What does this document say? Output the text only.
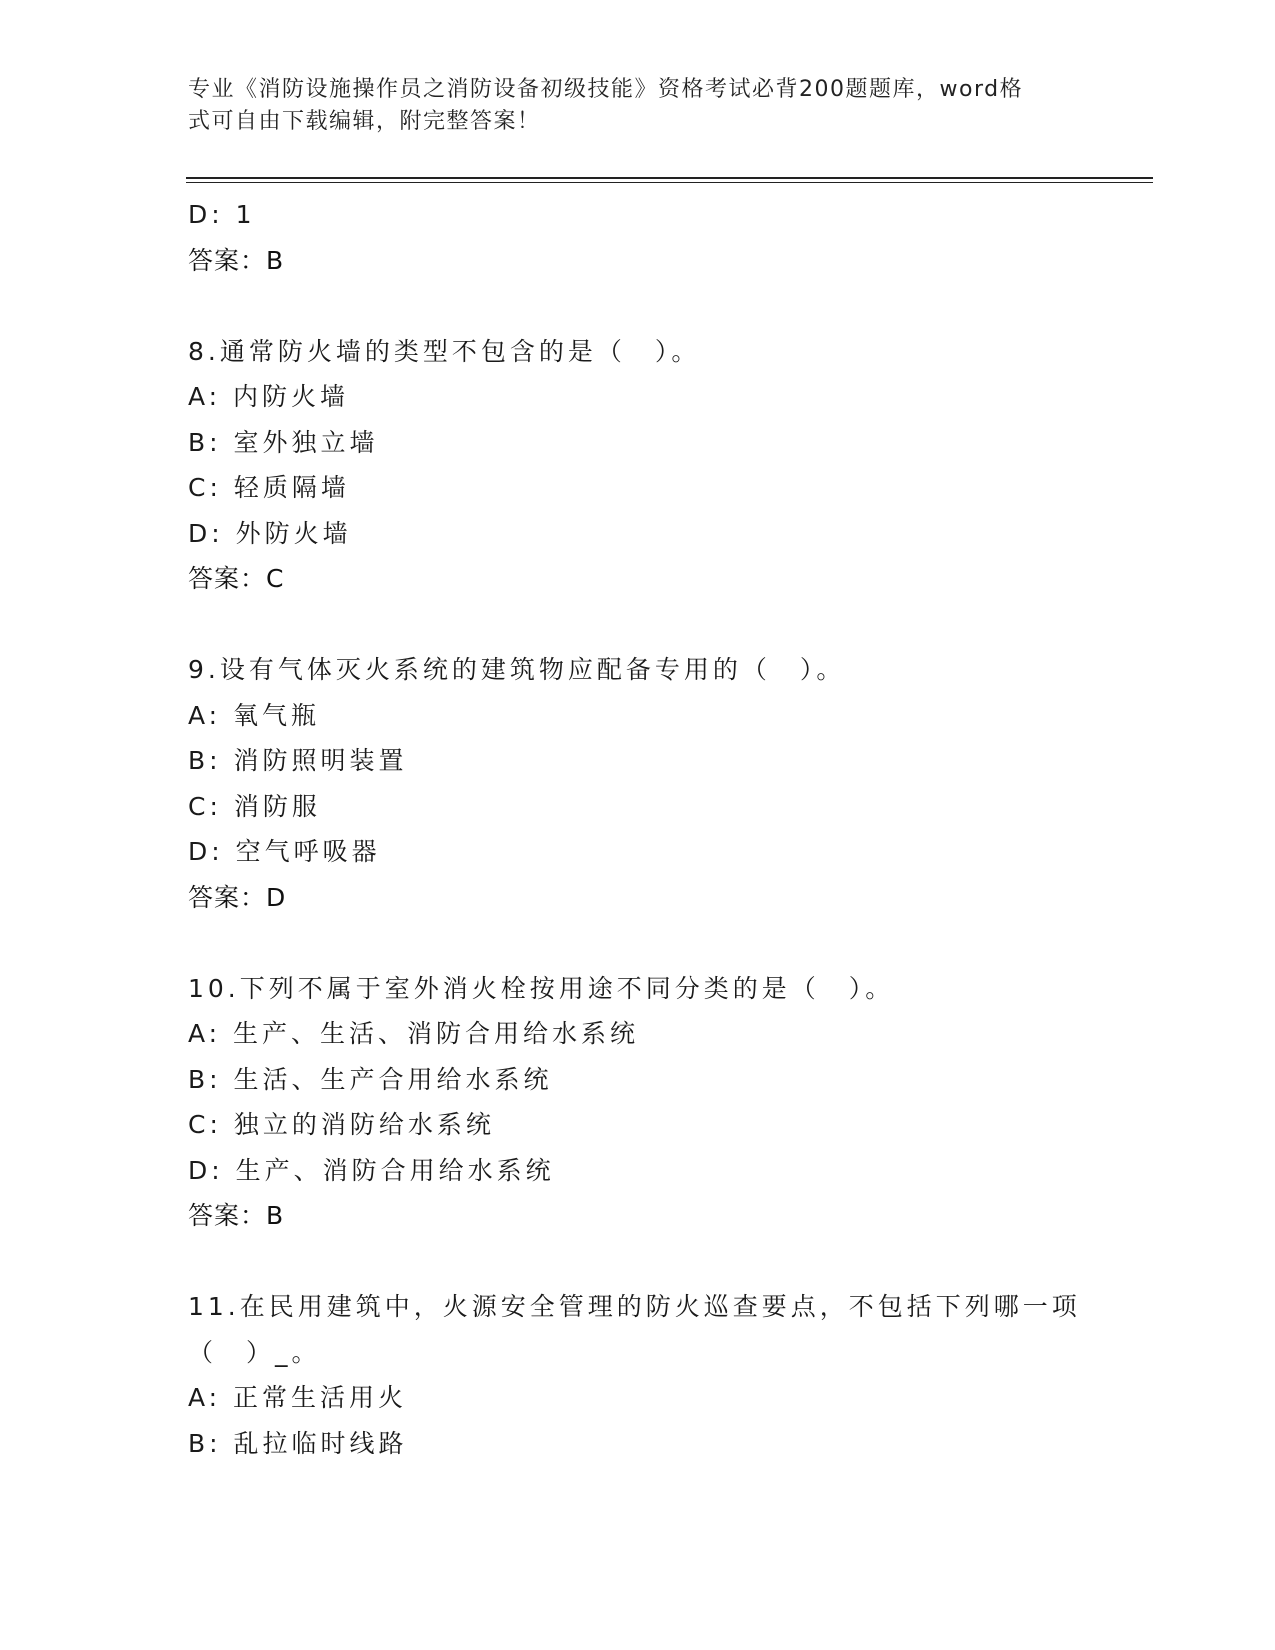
专业《消防设施操作员之消防设备初级技能》资格考试必背200题题库，word格
式可自由下载编辑，附完整答案！
D: 1
答案：B
8.通常防火墙的类型不包含的是（　）。
A: 内防火墙
B: 室外独立墙
C: 轻质隔墙
D: 外防火墙
答案：C
9.设有气体灭火系统的建筑物应配备专用的（　）。
A: 氧气瓶
B: 消防照明装置
C: 消防服
D: 空气呼吸器
答案：D
10.下列不属于室外消火栓按用途不同分类的是（　）。
A: 生产、生活、消防合用给水系统
B: 生活、生产合用给水系统
C: 独立的消防给水系统
D: 生产、消防合用给水系统
答案：B
11.在民用建筑中，火源安全管理的防火巡查要点，不包括下列哪一项
（　）_。
A: 正常生活用火
B: 乱拉临时线路
